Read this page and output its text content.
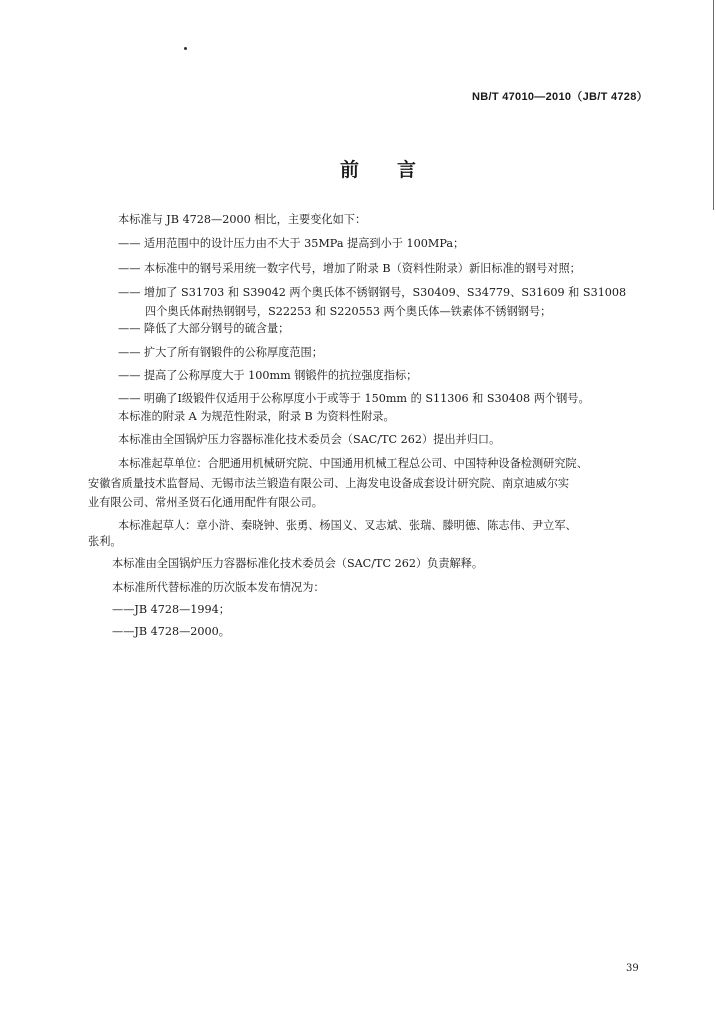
NB/T 47010—2010（JB/T 4728）
前言
本标准与 JB 4728—2000 相比，主要变化如下：
—— 适用范围中的设计压力由不大于 35MPa 提高到小于 100MPa；
—— 本标准中的钢号采用统一数字代号，增加了附录 B（资料性附录）新旧标准的钢号对照；
—— 增加了 S31703 和 S39042 两个奥氏体不锈钢钢号，S30409、S34779、S31609 和 S31008
四个奥氏体耐热钢钢号，S22253 和 S220553 两个奥氏体—铁素体不锈钢钢号；
—— 降低了大部分钢号的硫含量；
—— 扩大了所有钢锻件的公称厚度范围；
—— 提高了公称厚度大于 100mm 钢锻件的抗拉强度指标；
—— 明确了Ⅰ级锻件仅适用于公称厚度小于或等于 150mm 的 S11306 和 S30408 两个钢号。
本标准的附录 A 为规范性附录，附录 B 为资料性附录。
本标准由全国锅炉压力容器标准化技术委员会（SAC/TC 262）提出并归口。
本标准起草单位：合肥通用机械研究院、中国通用机械工程总公司、中国特种设备检测研究院、
安徽省质量技术监督局、无锡市法兰锻造有限公司、上海发电设备成套设计研究院、南京迪威尔实
业有限公司、常州圣贤石化通用配件有限公司。
本标准起草人：章小浒、秦晓钟、张勇、杨国义、叉志斌、张瑞、滕明德、陈志伟、尹立军、
张利。
本标准由全国锅炉压力容器标准化技术委员会（SAC/TC 262）负责解释。
本标准所代替标准的历次版本发布情况为：
——JB 4728—1994；
——JB 4728—2000。
39
